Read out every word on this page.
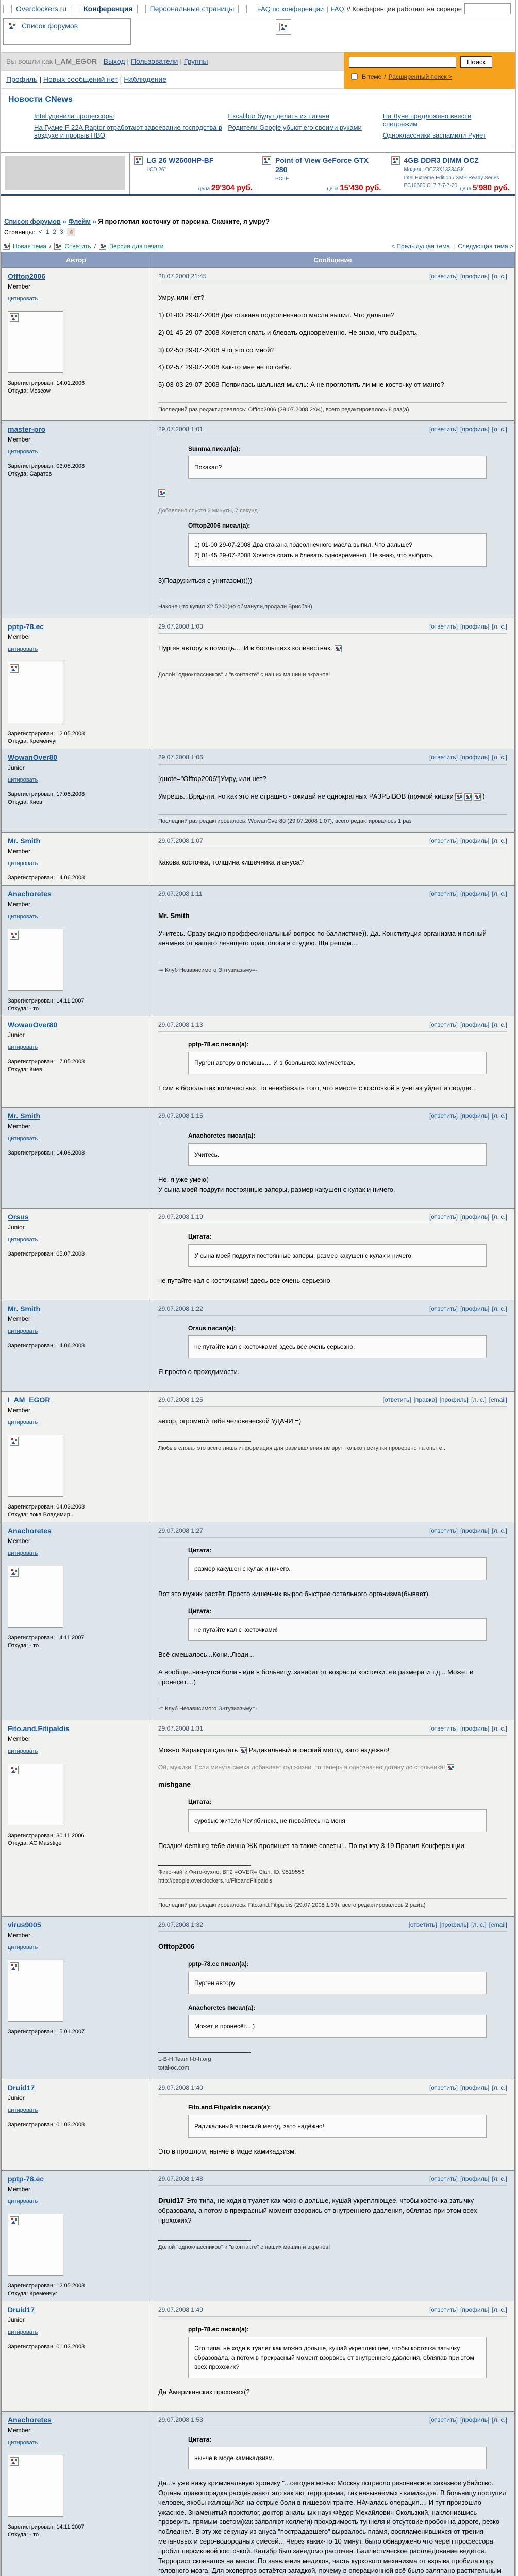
Overclockers.ru Конференция Персональные страницы	FAQ по конференции | FAQ // Конференция работает на сервере
Список форумов
Вы вошли как I_AM_EGOR - Выход | Пользователи | Группы
Профиль | Новых сообщений нет | Наблюдение
Поиск
В теме / Расширенный поиск >
Новости CNews
Intel уценила процессоры
На Гуаме F-22A Raptor отработают завоевание господства в воздухе и прорыв ПВО
Excalibur будут делать из титана
Родители Google убьют его своими руками
На Луне предложено ввести спецрежим
Одноклассники заспамили Рунет
LG 26 W2600HP-BF
LCD 26"
цена 29'304 руб.
Point of View GeForce GTX 280
PCI-E
цена 15'430 руб.
4GB DDR3 DIMM OCZ
Модель: OCZ3X13334GK
Intel Extreme Edition / XMP Ready Series
PC10600 CL7 7-7-7-20
цена 5'980 руб.
Список форумов » Флейм » Я проглотил косточку от пэрсика. Скажите, я умру?
Страницы: < 1 2 3	4
Новая тема / Ответить / Версия для печати	< Предыдущая тема | Следующая тема >
Автор	Сообщение
Offtop2006
Member
цитировать
Зарегистрирован: 14.01.2006
Откуда: Moscow
28.07.2008 21:45	[ответить] [профиль] [л. с.]
Умру, или нет?
1) 01-00 29-07-2008 Два стакана подсолнечного масла выпил. Что дальше?
2) 01-45 29-07-2008 Хочется спать и блевать одновременно. Не знаю, что выбрать.
3) 02-50 29-07-2008 Что это со мной?
4) 02-57 29-07-2008 Как-то мне не по себе.
5) 03-03 29-07-2008 Появилась шальная мысль: А не проглотить ли мне косточку от манго?
Последний раз редактировалось: Offtop2006 (29.07.2008 2:04), всего редактировалось 8 раз(а)
master-pro
Member
цитировать
Зарегистрирован: 03.05.2008
Откуда: Саратов
29.07.2008 1:01	[ответить] [профиль] [л. с.]
Summa писал(а):
Покакал?
Добавлено спустя 2 минуты, 7 секунд
Offtop2006 писал(а):
1) 01-00 29-07-2008 Два стакана подсолнечного масла выпил. Что дальше?
2) 01-45 29-07-2008 Хочется спать и блевать одновременно. Не знаю, что выбрать.
3)Подружиться с унитазом)))))
Наконец-то купил X2 5200(но обманули,продали Брисбэн)
pptp-78.ec
Member
цитировать
Зарегистрирован: 12.05.2008
Откуда: Кременчуг
29.07.2008 1:03	[ответить] [профиль] [л. с.]
Пурген автору в помощь.... И в боольшихх количествах.
Долой "одноклассников" и "вконтакте" с наших машин и экранов!
WowanOver80
Junior
цитировать
Зарегистрирован: 17.05.2008
Откуда: Киев
29.07.2008 1:06	[ответить] [профиль] [л. с.]
[quote="Offtop2006"]Умру, или нет?
Умрёшь...Вряд-ли, но как это не страшно - ожидай не однократных РАЗРЫВОВ (прямой кишки	)
Последний раз редактировалось: WowanOver80 (29.07.2008 1:07), всего редактировалось 1 раз
Mr. Smith
Member
цитировать
Зарегистрирован: 14.06.2008
29.07.2008 1:07	[ответить] [профиль] [л. с.]
Какова косточка, толщина кишечника и ануса?
Anachoretes
Member
цитировать
Зарегистрирован: 14.11.2007
Откуда: - то
29.07.2008 1:11	[ответить] [профиль] [л. с.]
Mr. Smith
Учитесь. Сразу видно проффесиональный вопрос по баллистике)). Да. Конституция организма и полный анамнез от вашего лечащего практолога в студию. Ща решим....
-= Клуб Независимого Энтузиазьму=-
WowanOver80
Junior
цитировать
Зарегистрирован: 17.05.2008
Откуда: Киев
29.07.2008 1:13	[ответить] [профиль] [л. с.]
pptp-78.ec писал(а):
Пурген автору в помощь.... И в боольшихх количествах.
Если в бооольших количествах, то неизбежать того, что вместе с косточкой в унитаз уйдет и сердце...
Mr. Smith
Member
цитировать
Зарегистрирован: 14.06.2008
29.07.2008 1:15	[ответить] [профиль] [л. с.]
Anachoretes писал(а):
Учитесь.
Не, я уже умею(
У сына моей подруги постоянные запоры, размер какушен с кулак и ничего.
Orsus
Junior
цитировать
Зарегистрирован: 05.07.2008
29.07.2008 1:19	[ответить] [профиль] [л. с.]
Цитата:
У сына моей подруги постоянные запоры, размер какушен с кулак и ничего.
не путайте кал с косточками! здесь все очень серьезно.
Mr. Smith
Member
цитировать
Зарегистрирован: 14.06.2008
29.07.2008 1:22	[ответить] [профиль] [л. с.]
Orsus писал(а):
не путайте кал с косточками! здесь все очень серьезно.
Я просто о проходимости.
I_AM_EGOR
Member
цитировать
Зарегистрирован: 04.03.2008
Откуда: пока Владимир..
29.07.2008 1:25	[ответить] [правка] [профиль] [л. с.] [email]
автор, огромной тебе человеческой УДАЧИ =)
Любые слова- это всего лишь информация для размышления,не врут только поступки.проверено на опыте..
Anachoretes
Member
цитировать
Зарегистрирован: 14.11.2007
Откуда: - то
29.07.2008 1:27	[ответить] [профиль] [л. с.]
Цитата:
размер какушен с кулак и ничего.
Вот это мужик растёт. Просто кишечник вырос быстрее остального организма(бывает).
Цитата:
не путайте кал с косточками!
Всё смешалось...Кони..Люди...
А вообще..начнутся боли - иди в больницу..зависит от возраста косточки..её размера и т.д... Может и пронесёт....)
-= Клуб Независимого Энтузиазьму=-
Fito.and.Fitipaldis
Member
цитировать
Зарегистрирован: 30.11.2006
Откуда: АС Masstige
29.07.2008 1:31	[ответить] [профиль] [л. с.]
Можно Харакири сделать  Радикальный японский метод, зато надёжно!
Ой, мужики! Если минута смеха добавляет год жизни, то теперь я однозначно дотяну до стольника!
mishgane
Цитата:
суровые жители Челябинска, не гневайтесь на меня
Поздно! demiurg тебе лично ЖК пропишет за такие советы!.. По пункту 3.19 Правил Конференции.
Фито-чай и Фито-бухло; BF2 =OVER= Clan, ID: 9519556
http://people.overclockers.ru/FitoandFitipaldis
Последний раз редактировалось: Fito.and.Fitipaldis (29.07.2008 1:39), всего редактировалось 2 раз(а)
virus9005
Member
цитировать
Зарегистрирован: 15.01.2007
29.07.2008 1:32	[ответить] [профиль] [л. с.] [email]
Offtop2006
pptp-78.ec писал(а):
Пурген автору
Anachoretes писал(а):
Может и пронесёт....)
L-B-H Team l-b-h.org
total-oc.com
Druid17
Junior
цитировать
Зарегистрирован: 01.03.2008
29.07.2008 1:40	[ответить] [профиль] [л. с.]
Fito.and.Fitipaldis писал(а):
Радикальный японский метод, зато надёжно!
Это в прошлом, нынче в моде камикадзизм.
pptp-78.ec
Member
цитировать
Зарегистрирован: 12.05.2008
Откуда: Кременчуг
29.07.2008 1:48	[ответить] [профиль] [л. с.]
Druid17 Это типа, не ходи в туалет как можно дольше, кушай укрепляющее, чтобы косточка затычку образовала, а потом в прекрасный момент взорвись от внутреннего давления, обляпав при этом всех прохожих?
Долой "одноклассников" и "вконтакте" с наших машин и экранов!
Druid17
Junior
цитировать
Зарегистрирован: 01.03.2008
29.07.2008 1:49	[ответить] [профиль] [л. с.]
pptp-78.ec писал(а):
Это типа, не ходи в туалет как можно дольше, кушай укрепляющее, чтобы косточка затычку образовала, а потом в прекрасный момент взорвись от внутреннего давления, обляпав при этом всех прохожих?
Да Американских прохожих(?
Anachoretes
Member
цитировать
Зарегистрирован: 14.11.2007
Откуда: - то
29.07.2008 1:53	[ответить] [профиль] [л. с.]
Цитата:
нынче в моде камикадзизм.
Да...я уже вижу криминальную хронику "...сегодня ночью Москву потрясло резонансное заказное убийство. Органы правопорядка расценивают это как акт терроризма, так называемых - камикадза. В больницу поступил человек, якобы жалющийся на острые боли в пищевом тракте. НАчалась операция.... И тут произошло ужасное. Знаменитый проктолог, доктор анальных наук Фёдор Мехайлович Скользкий, наклонившись проверить прямым светом(как заявляют коллеги) проходимость туннеля и отсутсвие пробок на дороге, резко побледнел. В эту же секунду из ануса "пострадавшего" вырвалось пламя, воспламенившихся от трения метановых и серо-водородных смесей... Через каких-то 10 минут, было обнаружено что череп профессора пробит персиковой косточкой. Калибр был заведомо расточен. Баллистическое раслледование ведётся. Террорист скончался на месте. По заявления медиков, часть куркового механизма от взрыва пробила кору головного мозга. Для экспертов остаётся загадкой, почему в операционной всё было заляпано растительным
